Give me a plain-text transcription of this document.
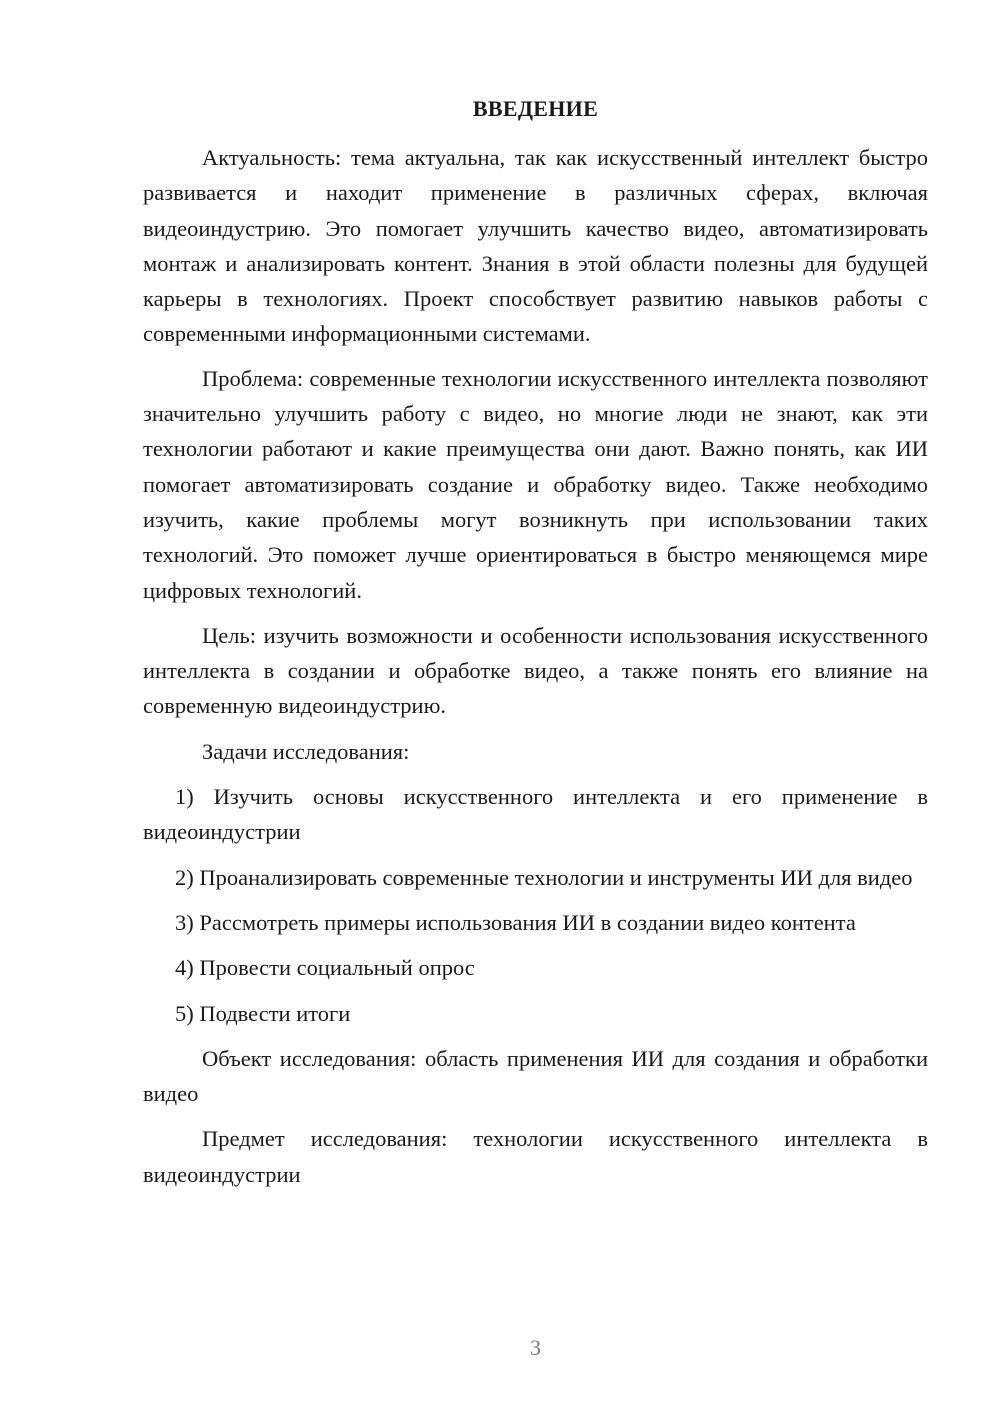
ВВЕДЕНИЕ

Актуальность: тема актуальна, так как искусственный интеллект быстро развивается и находит применение в различных сферах, включая видеоиндустрию. Это помогает улучшить качество видео, автоматизировать монтаж и анализировать контент. Знания в этой области полезны для будущей карьеры в технологиях. Проект способствует развитию навыков работы с современными информационными системами.

Проблема: современные технологии искусственного интеллекта позволяют значительно улучшить работу с видео, но многие люди не знают, как эти технологии работают и какие преимущества они дают. Важно понять, как ИИ помогает автоматизировать создание и обработку видео. Также необходимо изучить, какие проблемы могут возникнуть при использовании таких технологий. Это поможет лучше ориентироваться в быстро меняющемся мире цифровых технологий.

Цель: изучить возможности и особенности использования искусственного интеллекта в создании и обработке видео, а также понять его влияние на современную видеоиндустрию.

Задачи исследования:

1) Изучить основы искусственного интеллекта и его применение в видеоиндустрии

2) Проанализировать современные технологии и инструменты ИИ для видео

3) Рассмотреть примеры использования ИИ в создании видео контента

4) Провести социальный опрос

5) Подвести итоги

Объект исследования: область применения ИИ для создания и обработки видео

Предмет исследования: технологии искусственного интеллекта в видеоиндустрии

3
